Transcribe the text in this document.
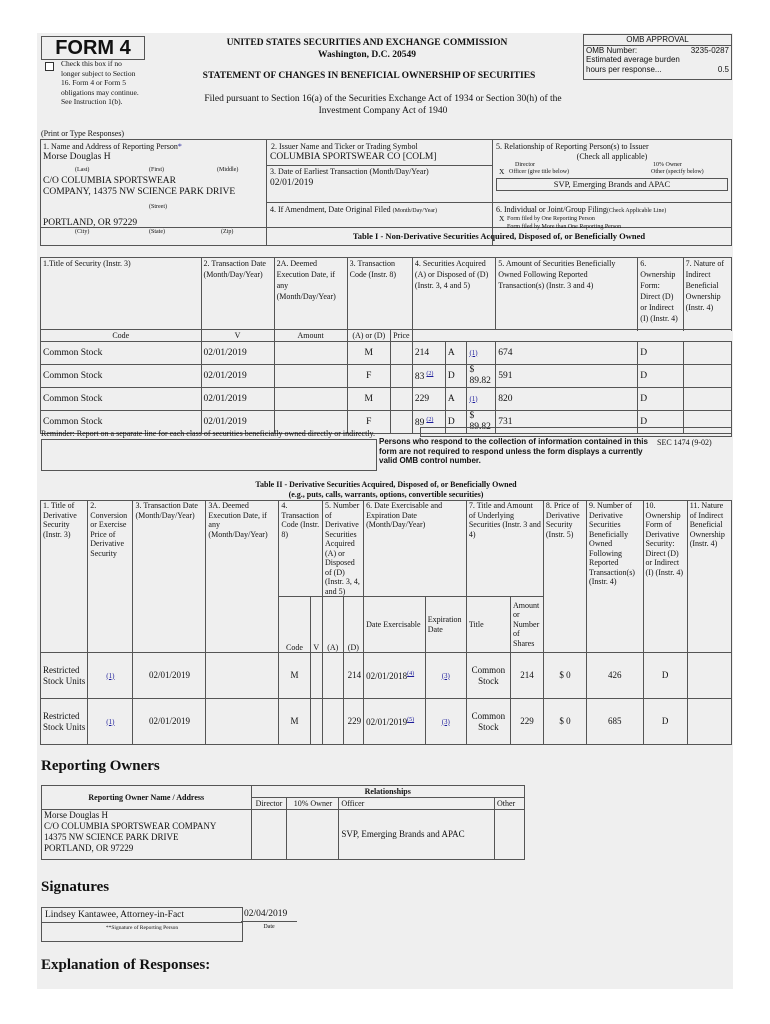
FORM 4
Check this box if no longer subject to Section 16. Form 4 or Form 5 obligations may continue. See Instruction 1(b).
UNITED STATES SECURITIES AND EXCHANGE COMMISSION
Washington, D.C. 20549
STATEMENT OF CHANGES IN BENEFICIAL OWNERSHIP OF SECURITIES
Filed pursuant to Section 16(a) of the Securities Exchange Act of 1934 or Section 30(h) of the
Investment Company Act of 1940
OMB APPROVAL
OMB Number:	3235-0287
Estimated average burden
hours per response...	0.5
(Print or Type Responses)
1. Name and Address of Reporting Person*
Morse Douglas H
(Last)	(First)	(Middle)
C/O COLUMBIA SPORTSWEAR
COMPANY, 14375 NW SCIENCE PARK DRIVE
(Street)
PORTLAND, OR 97229
(City)	(State)	(Zip)
2. Issuer Name and Ticker or Trading Symbol
COLUMBIA SPORTSWEAR CO [COLM]
3. Date of Earliest Transaction (Month/Day/Year)
02/01/2019
4. If Amendment, Date Original Filed (Month/Day/Year)
5. Relationship of Reporting Person(s) to Issuer
(Check all applicable)
Director	10% Owner
X Officer (give title below)	Other (specify below)
SVP, Emerging Brands and APAC
6. Individual or Joint/Group Filing(Check Applicable Line)
X Form filed by One Reporting Person
Form filed by More than One Reporting Person
Table I - Non-Derivative Securities Acquired, Disposed of, or Beneficially Owned
1.Title of Security (Instr. 3)	2. Transaction Date (Month/Day/Year)	2A. Deemed Execution Date, if any (Month/Day/Year)	3. Transaction Code (Instr. 8)		4. Securities Acquired (A) or Disposed of (D) (Instr. 3, 4 and 5)			5. Amount of Securities Beneficially Owned Following Reported Transaction(s) (Instr. 3 and 4)	6. Ownership Form: Direct (D) or Indirect (I) (Instr. 4)	7. Nature of Indirect Beneficial Ownership (Instr. 4)

Code	V	Amount	(A) or (D)	Price						
Common Stock	02/01/2019		M		214	A	(1)	674	D	
Common Stock	02/01/2019		F		83 $^{(2)}$	D	$ 89.82	591	D	
Common Stock	02/01/2019		M		229	A	(1)	820	D	
Common Stock	02/01/2019		F		89 $^{(2)}$	D	$ 89.82	731	D	
Reminder: Report on a separate line for each class of securities beneficially owned directly or indirectly.
Persons who respond to the collection of information contained in this form are not required to respond unless the form displays a currently valid OMB control number.
SEC 1474 (9-02)
Table II - Derivative Securities Acquired, Disposed of, or Beneficially Owned
(e.g., puts, calls, warrants, options, convertible securities)
1. Title of Derivative Security (Instr. 3)	2. Conversion or Exercise Price of Derivative Security	3. Transaction Date (Month/Day/Year)	3A. Deemed Execution Date, if any (Month/Day/Year)	4. Transaction Code (Instr. 8)		5. Number of Derivative Securities Acquired (A) or Disposed of (D) (Instr. 3, 4, and 5)		6. Date Exercisable and Expiration Date (Month/Day/Year)		7. Title and Amount of Underlying Securities (Instr. 3 and 4)		8. Price of Derivative Security (Instr. 5)	9. Number of Derivative Securities Beneficially Owned Following Reported Transaction(s) (Instr. 4)	10. Ownership Form of Derivative Security: Direct (D) or Indirect (I) (Instr. 4)	11. Nature of Indirect Beneficial Ownership (Instr. 4)
				Code	V	(A)	(D)	Date Exercisable	Expiration Date	Title	Amount or Number of Shares				
Restricted Stock Units	(1)	02/01/2019		M			214	02/01/2018$^{(4)}$	(3)	Common Stock	214	$ 0	426	D	
Restricted Stock Units	(1)	02/01/2019		M			229	02/01/2019$^{(5)}$	(3)	Common Stock	229	$ 0	685	D	
Reporting Owners
Reporting Owner Name / Address	Relationships			
	Director	10% Owner	Officer	Other

Morse Douglas H
C/O COLUMBIA SPORTSWEAR COMPANY
14375 NW SCIENCE PARK DRIVE
PORTLAND, OR 97229			SVP, Emerging Brands and APAC	
Signatures
Lindsey Kantawee, Attorney-in-Fact
**Signature of Reporting Person
02/04/2019
Date
Explanation of Responses:
